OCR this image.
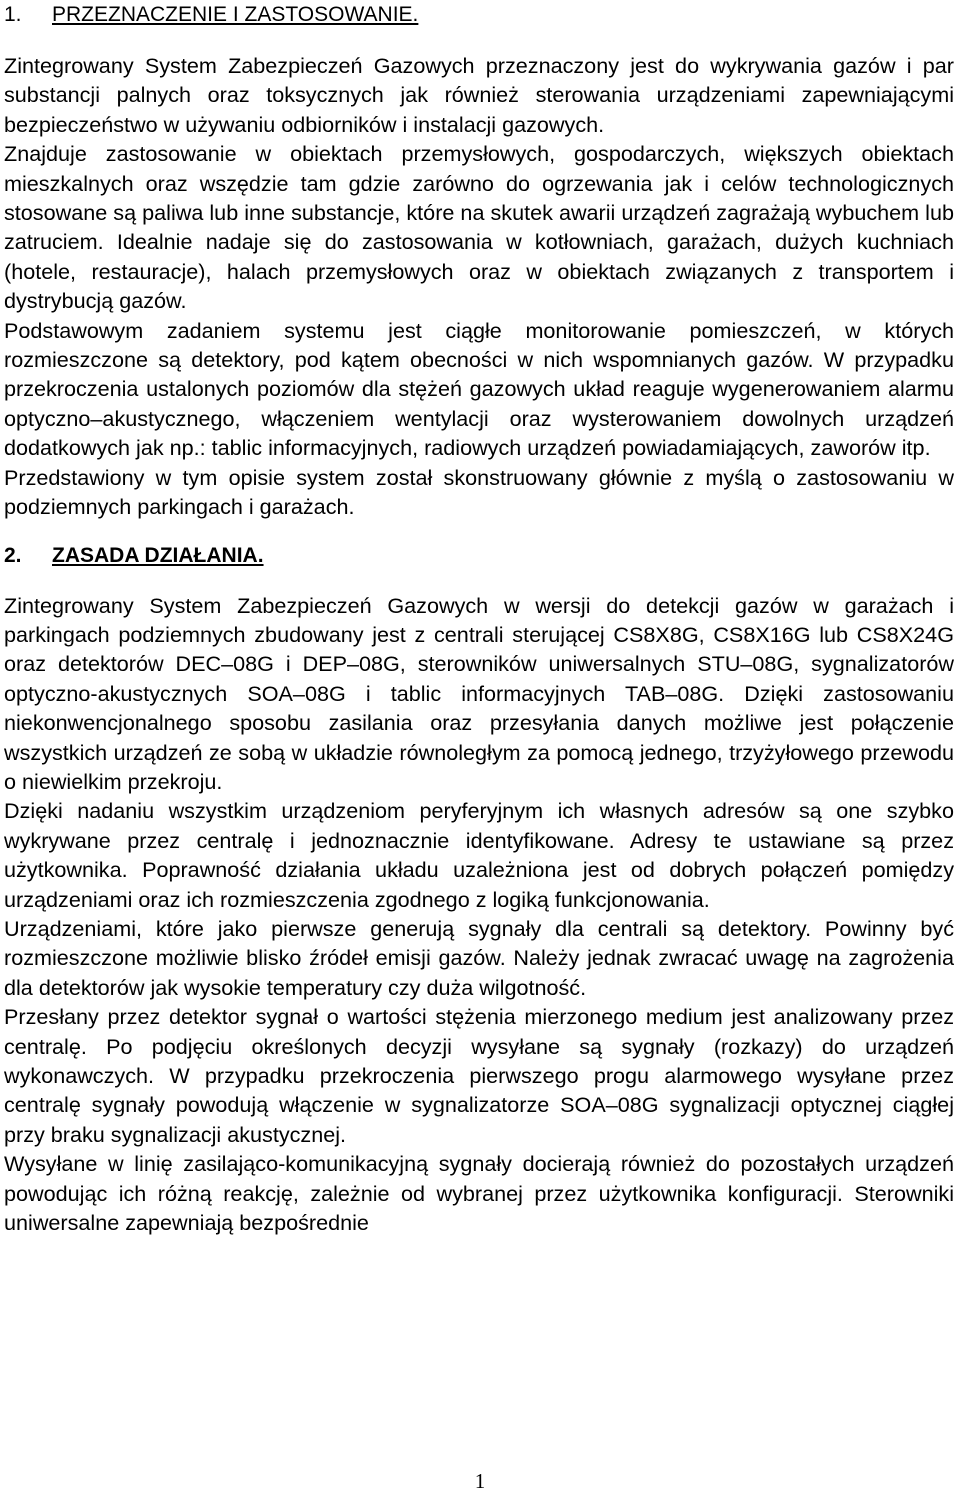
1. PRZEZNACZENIE I ZASTOSOWANIE.

Zintegrowany System Zabezpieczeń Gazowych przeznaczony jest do wykrywania gazów i par substancji palnych oraz toksycznych jak również sterowania urządzeniami zapewniającymi bezpieczeństwo w używaniu odbiorników i instalacji gazowych.

Znajduje zastosowanie w obiektach przemysłowych, gospodarczych, większych obiektach mieszkalnych oraz wszędzie tam gdzie zarówno do ogrzewania jak i celów technologicznych stosowane są paliwa lub inne substancje, które na skutek awarii urządzeń zagrażają wybuchem lub zatruciem. Idealnie nadaje się do zastosowania w kotłowniach, garażach, dużych kuchniach (hotele, restauracje), halach przemysłowych oraz w obiektach związanych z transportem i dystrybucją gazów.

Podstawowym zadaniem systemu jest ciągłe monitorowanie pomieszczeń, w których rozmieszczone są detektory, pod kątem obecności w nich wspomnianych gazów. W przypadku przekroczenia ustalonych poziomów dla stężeń gazowych układ reaguje wygenerowaniem alarmu optyczno–akustycznego, włączeniem wentylacji oraz wysterowaniem dowolnych urządzeń dodatkowych jak np.: tablic informacyjnych, radiowych urządzeń powiadamiających, zaworów itp.

Przedstawiony w tym opisie system został skonstruowany głównie z myślą o zastosowaniu w podziemnych parkingach i garażach.

2. ZASADA DZIAŁANIA.

Zintegrowany System Zabezpieczeń Gazowych w wersji do detekcji gazów w garażach i parkingach podziemnych zbudowany jest z centrali sterującej CS8X8G, CS8X16G lub CS8X24G oraz detektorów DEC–08G i DEP–08G, sterowników uniwersalnych STU–08G, sygnalizatorów optyczno-akustycznych SOA–08G i tablic informacyjnych TAB–08G. Dzięki zastosowaniu niekonwencjonalnego sposobu zasilania oraz przesyłania danych możliwe jest połączenie wszystkich urządzeń ze sobą w układzie równoległym za pomocą jednego, trzyżyłowego przewodu o niewielkim przekroju.

Dzięki nadaniu wszystkim urządzeniom peryferyjnym ich własnych adresów są one szybko wykrywane przez centralę i jednoznacznie identyfikowane. Adresy te ustawiane są przez użytkownika. Poprawność działania układu uzależniona jest od dobrych połączeń pomiędzy urządzeniami oraz ich rozmieszczenia zgodnego z logiką funkcjonowania.

Urządzeniami, które jako pierwsze generują sygnały dla centrali są detektory. Powinny być rozmieszczone możliwie blisko źródeł emisji gazów. Należy jednak zwracać uwagę na zagrożenia dla detektorów jak wysokie temperatury czy duża wilgotność.

Przesłany przez detektor sygnał o wartości stężenia mierzonego medium jest analizowany przez centralę. Po podjęciu określonych decyzji wysyłane są sygnały (rozkazy) do urządzeń wykonawczych. W przypadku przekroczenia pierwszego progu alarmowego wysyłane przez centralę sygnały powodują włączenie w sygnalizatorze SOA–08G sygnalizacji optycznej ciągłej przy braku sygnalizacji akustycznej.

Wysyłane w linię zasilająco-komunikacyjną sygnały docierają również do pozostałych urządzeń powodując ich różną reakcję, zależnie od wybranej przez użytkownika konfiguracji. Sterowniki uniwersalne zapewniają bezpośrednie

1
